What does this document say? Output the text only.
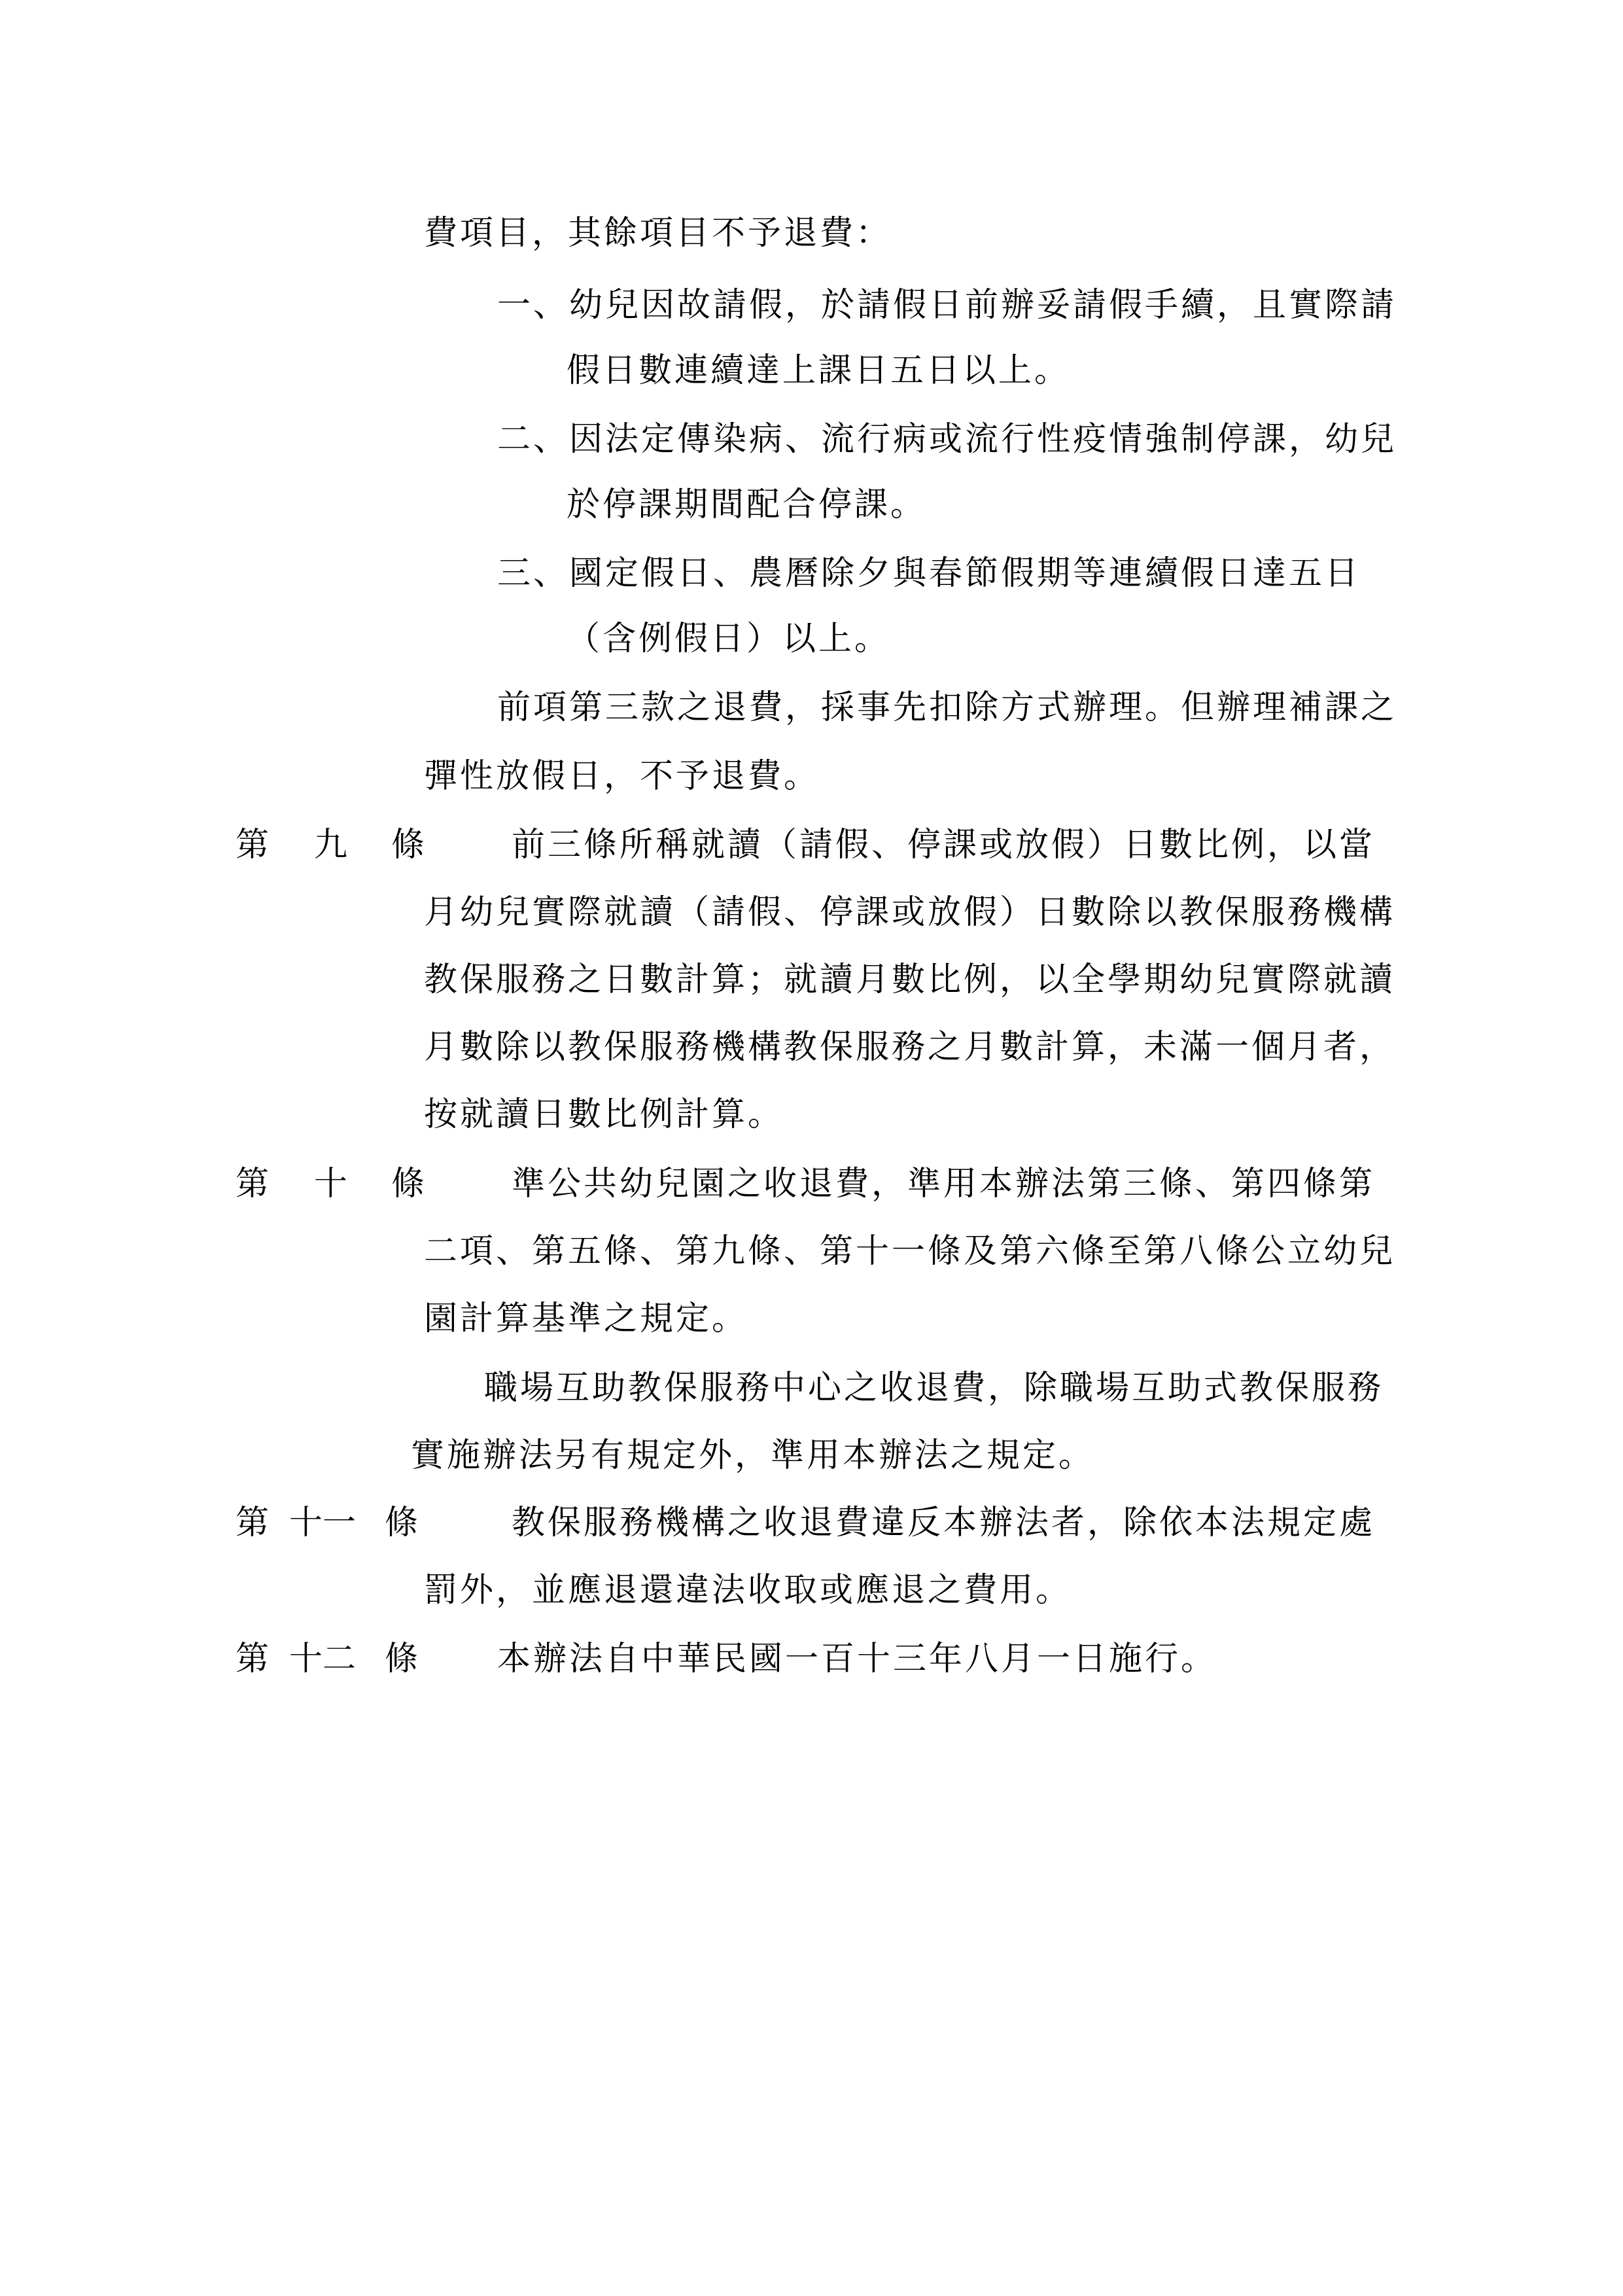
費項目，其餘項目不予退費：
一、幼兒因故請假，於請假日前辦妥請假手續，且實際請
假日數連續達上課日五日以上。
二、因法定傳染病、流行病或流行性疫情強制停課，幼兒
於停課期間配合停課。
三、國定假日、農曆除夕與春節假期等連續假日達五日
（含例假日）以上。
前項第三款之退費，採事先扣除方式辦理。但辦理補課之
彈性放假日，不予退費。
第 九 條	前三條所稱就讀（請假、停課或放假）日數比例，以當
月幼兒實際就讀（請假、停課或放假）日數除以教保服務機構
教保服務之日數計算；就讀月數比例，以全學期幼兒實際就讀
月數除以教保服務機構教保服務之月數計算，未滿一個月者，
按就讀日數比例計算。
第 十 條	準公共幼兒園之收退費，準用本辦法第三條、第四條第
二項、第五條、第九條、第十一條及第六條至第八條公立幼兒
園計算基準之規定。
職場互助教保服務中心之收退費，除職場互助式教保服務
實施辦法另有規定外，準用本辦法之規定。
第 十一 條	教保服務機構之收退費違反本辦法者，除依本法規定處
罰外，並應退還違法收取或應退之費用。
第 十二 條 本辦法自中華民國一百十三年八月一日施行。
